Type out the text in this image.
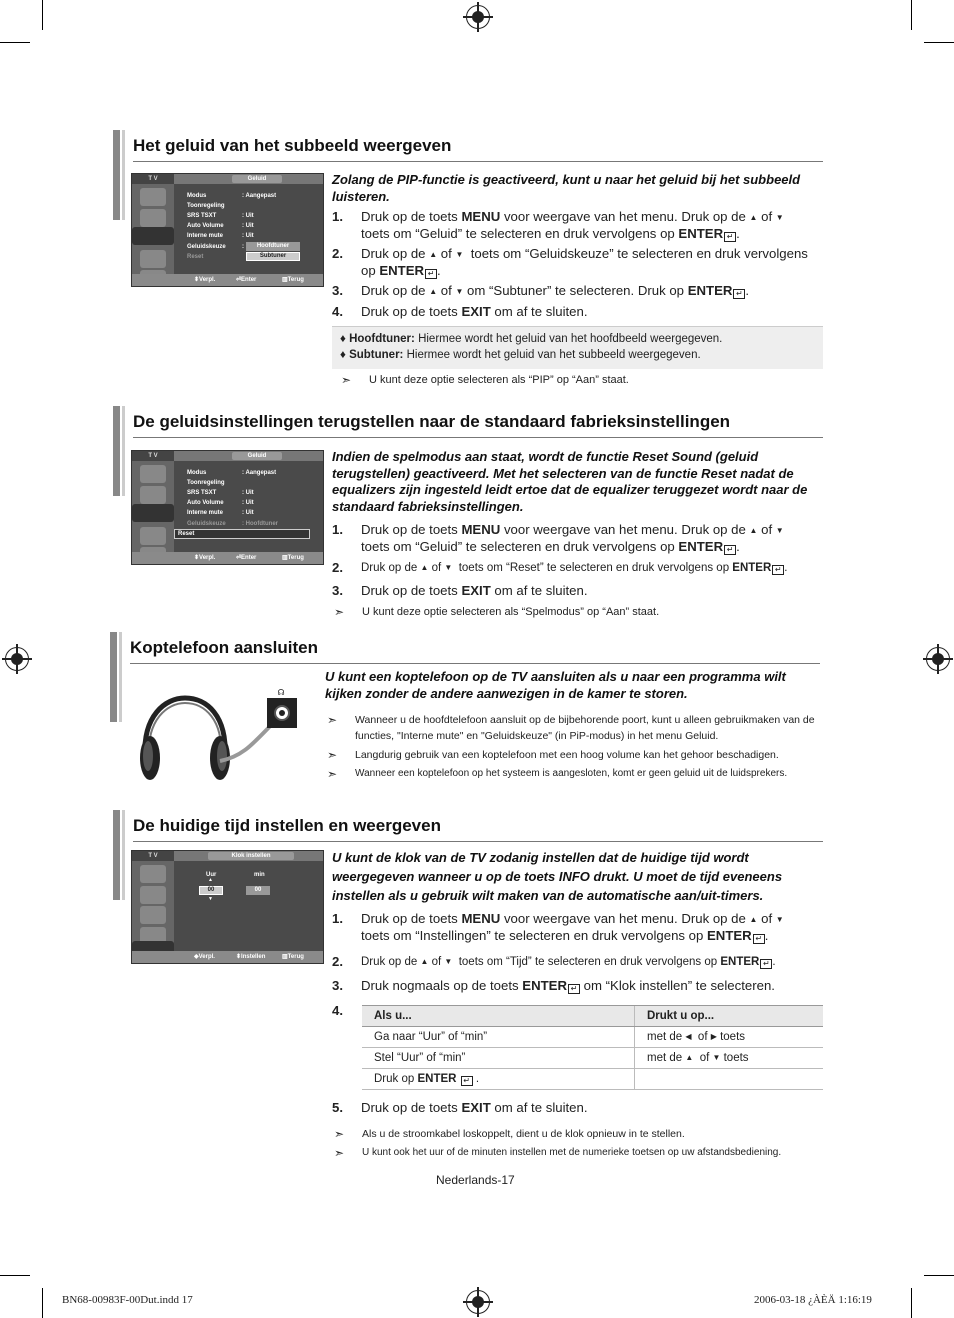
Het geluid van het subbeeld weergeven
T V	Geluid
Modus	: Aangepast
Toonregeling
SRS TSXT	: Uit
Auto Volume	: Uit
Interne mute	: Uit
Geluidskeuze	:
Reset
Hoofdtuner
Subtuner
⬍ Verpl.	⏎ Enter	▥ Terug
Zolang de PIP-functie is geactiveerd, kunt u naar het geluid bij het subbeeld luisteren.
1. Druk op de toets MENU voor weergave van het menu. Druk op de ▲ of ▼
toets om “Geluid” te selecteren en druk vervolgens op ENTER ↵ .
2. Druk op de ▲ of ▼ toets om “Geluidskeuze” te selecteren en druk vervolgens op ENTER ↵ .
3. Druk op de ▲ of ▼ om “Subtuner” te selecteren. Druk op ENTER ↵ .
4. Druk op de toets EXIT om af te sluiten.
♦ Hoofdtuner: Hiermee wordt het geluid van het hoofdbeeld weergegeven.
♦ Subtuner: Hiermee wordt het geluid van het subbeeld weergegeven.
➣ U kunt deze optie selecteren als “PIP” op “Aan” staat.
De geluidsinstellingen terugstellen naar de standaard fabrieksinstellingen
T V	Geluid
Modus	: Aangepast
Toonregeling
SRS TSXT	: Uit
Auto Volume	: Uit
Interne mute	: Uit
Geluidskeuze	: Hoofdtuner
Reset
⬍ Verpl.	⏎ Enter	▥ Terug
Indien de spelmodus aan staat, wordt de functie Reset Sound (geluid terugstellen) geactiveerd. Met het selecteren van de functie Reset nadat de equalizers zijn ingesteld leidt ertoe dat de equalizer teruggezet wordt naar de standaard fabrieksinstellingen.
1. Druk op de toets MENU voor weergave van het menu. Druk op de ▲ of ▼
toets om “Geluid” te selecteren en druk vervolgens op ENTER ↵ .
2. Druk op de ▲ of ▼ toets om “Reset” te selecteren en druk vervolgens op ENTER ↵ .
3. Druk op de toets EXIT om af te sluiten.
➣ U kunt deze optie selecteren als “Spelmodus” op “Aan” staat.
Koptelefoon aansluiten
☊
U kunt een koptelefoon op de TV aansluiten als u naar een programma wilt kijken zonder de andere aanwezigen in de kamer te storen.
➣ Wanneer u de hoofdtelefoon aansluit op de bijbehorende poort, kunt u alleen gebruikmaken van de functies, "Interne mute" en "Geluidskeuze" (in PiP-modus) in het menu Geluid.
➣ Langdurig gebruik van een koptelefoon met een hoog volume kan het gehoor beschadigen.
➣ Wanneer een koptelefoon op het systeem is aangesloten, komt er geen geluid uit de luidsprekers.
De huidige tijd instellen en weergeven
T V	Klok instellen
Uur	min
00	00
▲
▼
◆ Verpl.	⬍ Instellen	▥ Terug
U kunt de klok van de TV zodanig instellen dat de huidige tijd wordt weergegeven wanneer u op de toets INFO drukt. U moet de tijd eveneens instellen als u gebruik wilt maken van de automatische aan/uit-timers.
1. Druk op de toets MENU voor weergave van het menu. Druk op de ▲ of ▼
toets om “Instellingen” te selecteren en druk vervolgens op ENTER ↵ .
2. Druk op de ▲ of ▼ toets om “Tijd” te selecteren en druk vervolgens op ENTER ↵ .
3. Druk nogmaals op de toets ENTER ↵ om “Klok instellen” te selecteren.
4.	Als u...	Drukt u op...
Ga naar “Uur” of “min”	met de ◀ of ▶ toets
Stel “Uur” of “min”	met de ▲ of ▼ toets
Druk op ENTER ↵ .	
5. Druk op de toets EXIT om af te sluiten.
➣ Als u de stroomkabel loskoppelt, dient u de klok opnieuw in te stellen.
➣ U kunt ook het uur of de minuten instellen met de numerieke toetsen op uw afstandsbediening.
Nederlands-17
BN68-00983F-00Dut.indd 17	2006-03-18 ¿ÀÈÄ 1:16:19
